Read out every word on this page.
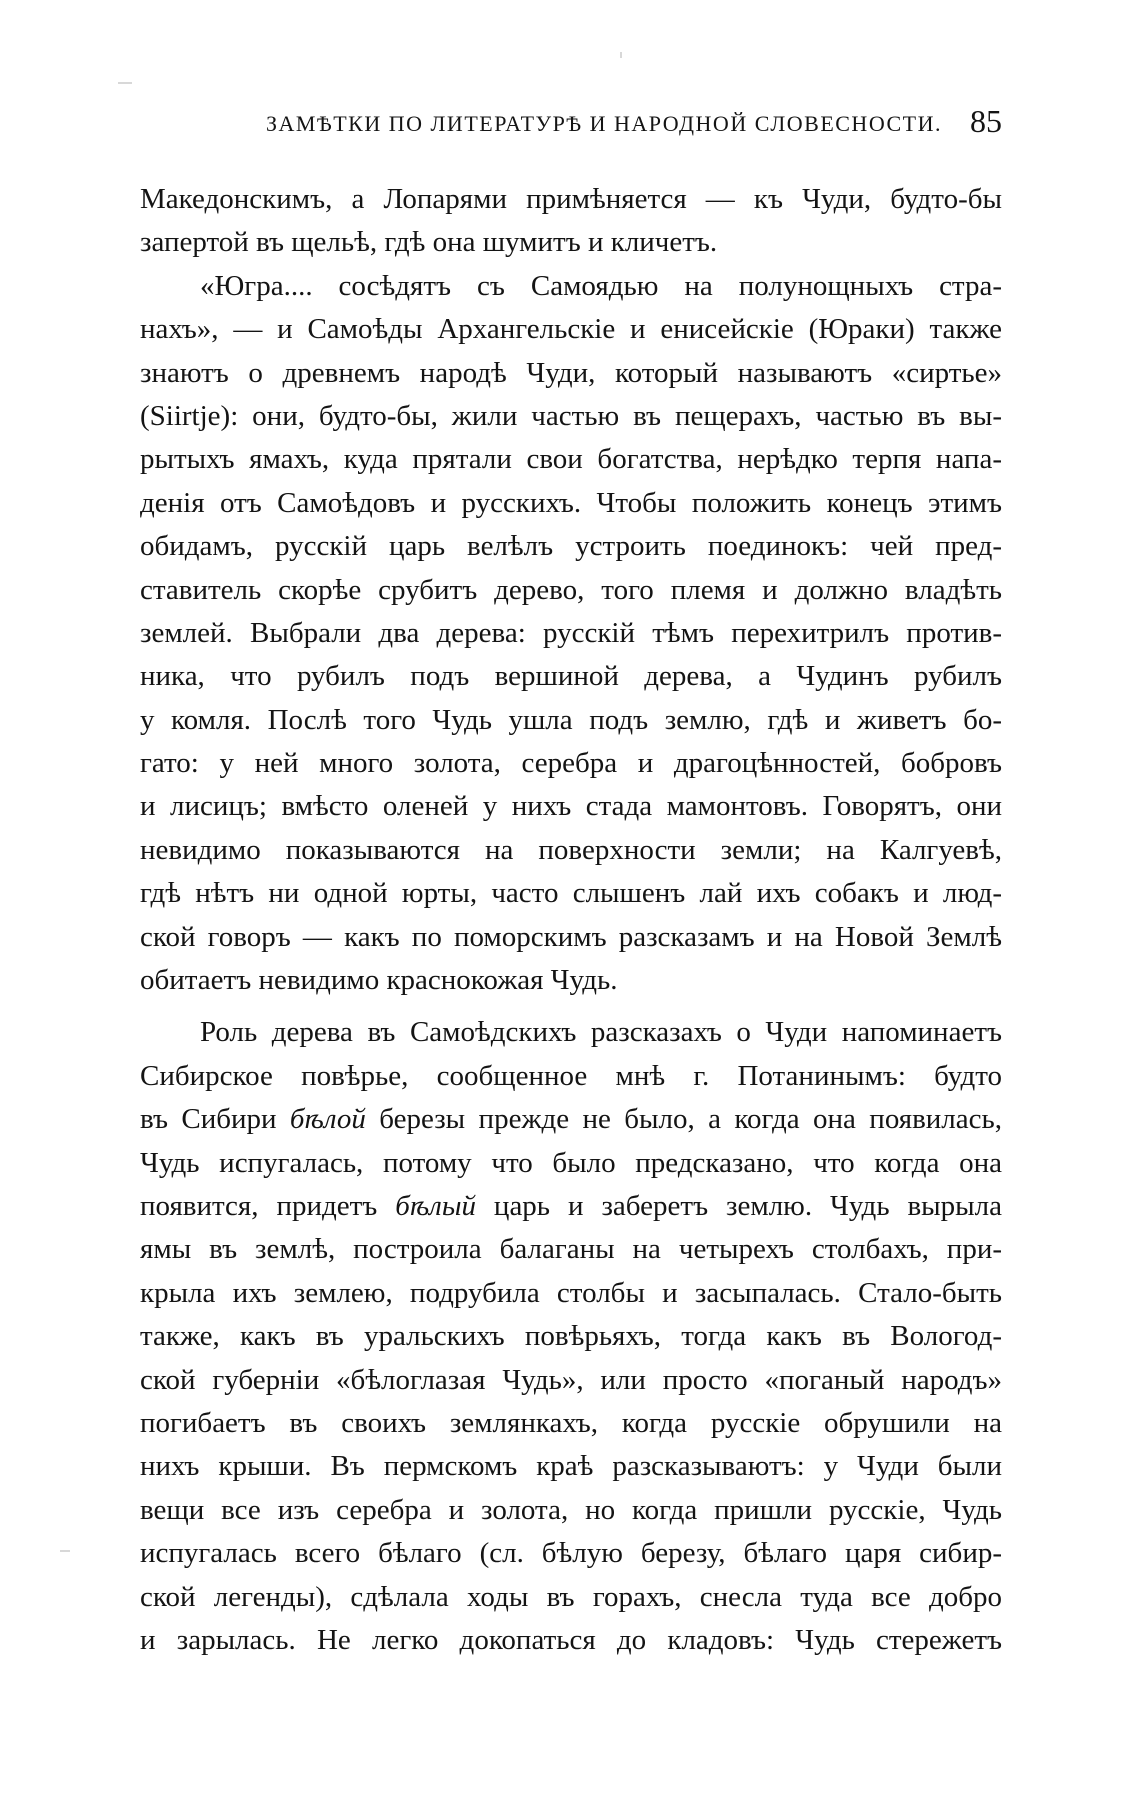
ЗАМѢТКИ ПО ЛИТЕРАТУРѢ И НАРОДНОЙ СЛОВЕСНОСТИ. 85
Македонскимъ, а Лопарями примѣняется — къ Чуди, будто-бы
запертой въ щельѣ, гдѣ она шумитъ и кличетъ.
«Югра.... сосѣдятъ съ Самоядью на полунощныхъ стра-
нахъ», — и Самоѣды Архангельскіе и енисейскіе (Юраки) также
знаютъ о древнемъ народѣ Чуди, который называютъ «сиртье»
(Siirtje): они, будто-бы, жили частью въ пещерахъ, частью въ вы-
рытыхъ ямахъ, куда прятали свои богатства, нерѣдко терпя напа-
денія отъ Самоѣдовъ и русскихъ. Чтобы положить конецъ этимъ
обидамъ, русскій царь велѣлъ устроить поединокъ: чей пред-
ставитель скорѣе срубитъ дерево, того племя и должно владѣть
землей. Выбрали два дерева: русскій тѣмъ перехитрилъ против-
ника, что рубилъ подъ вершиной дерева, а Чудинъ рубилъ
у комля. Послѣ того Чудь ушла подъ землю, гдѣ и живетъ бо-
гато: у ней много золота, серебра и драгоцѣнностей, бобровъ
и лисицъ; вмѣсто оленей у нихъ стада мамонтовъ. Говорятъ, они
невидимо показываются на поверхности земли; на Калгуевѣ,
гдѣ нѣтъ ни одной юрты, часто слышенъ лай ихъ собакъ и люд-
ской говоръ — какъ по поморскимъ разсказамъ и на Новой Землѣ
обитаетъ невидимо краснокожая Чудь.
Роль дерева въ Самоѣдскихъ разсказахъ о Чуди напоминаетъ
Сибирское повѣрье, сообщенное мнѣ г. Потанинымъ: будто
въ Сибири бѣлой березы прежде не было, а когда она появилась,
Чудь испугалась, потому что было предсказано, что когда она
появится, придетъ бѣлый царь и заберетъ землю. Чудь вырыла
ямы въ землѣ, построила балаганы на четырехъ столбахъ, при-
крыла ихъ землею, подрубила столбы и засыпалась. Стало-быть
также, какъ въ уральскихъ повѣрьяхъ, тогда какъ въ Вологод-
ской губерніи «бѣлоглазая Чудь», или просто «поганый народъ»
погибаетъ въ своихъ землянкахъ, когда русскіе обрушили на
нихъ крыши. Въ пермскомъ краѣ разсказываютъ: у Чуди были
вещи все изъ серебра и золота, но когда пришли русскіе, Чудь
испугалась всего бѣлаго (сл. бѣлую березу, бѣлаго царя сибир-
ской легенды), сдѣлала ходы въ горахъ, снесла туда все добро
и зарылась. Не легко докопаться до кладовъ: Чудь стережетъ
